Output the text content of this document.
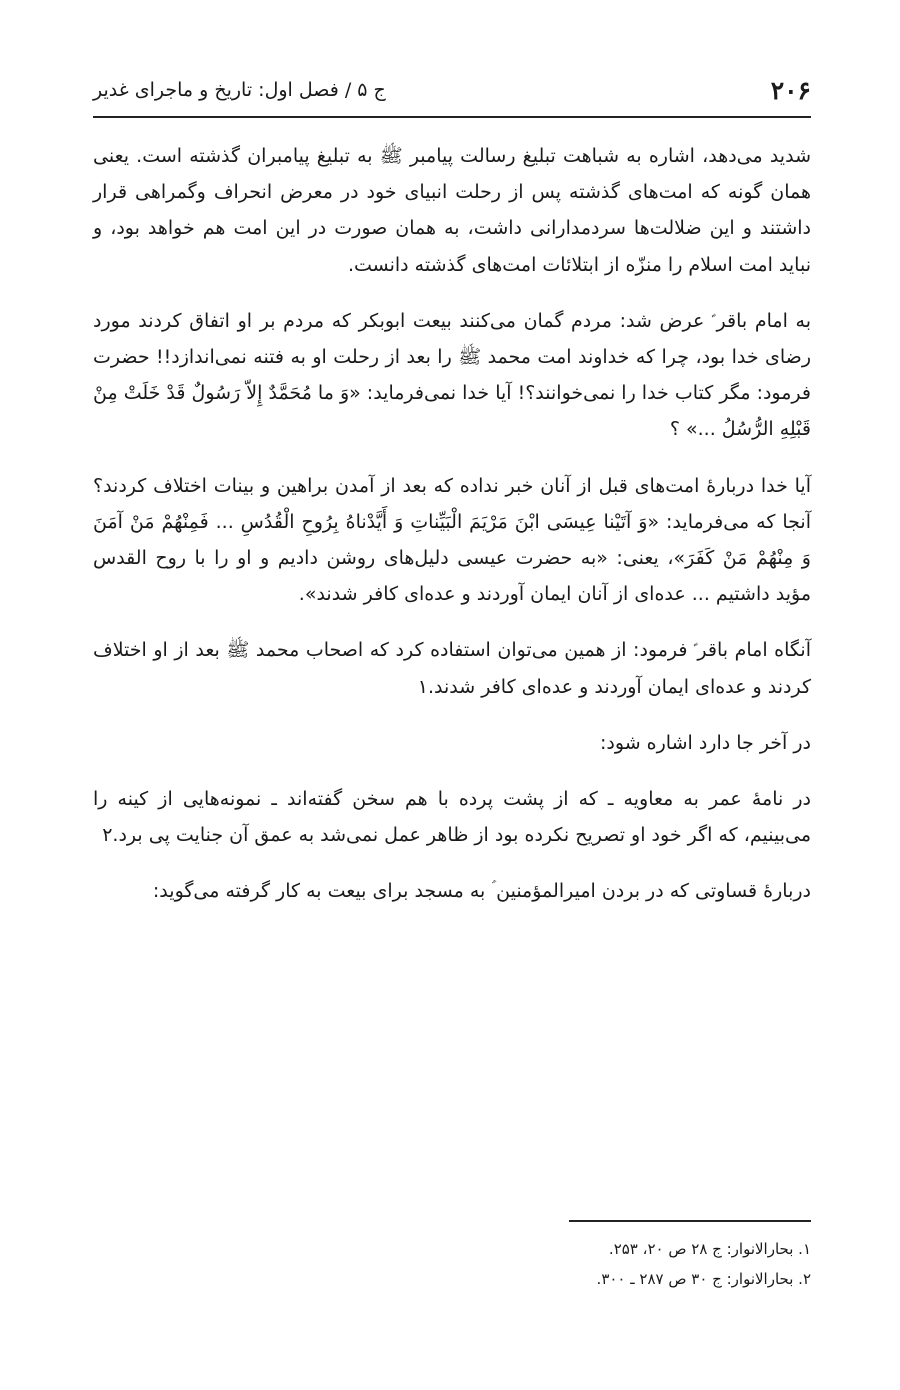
۲۰۶
ج ۵ / فصل اول: تاریخ و ماجرای غدیر

شدید می‌دهد، اشاره به شباهت تبلیغ رسالت پیامبر ﷺ به تبلیغ پیامبران گذشته است. یعنی همان گونه که امت‌های گذشته پس از رحلت انبیای خود در معرض انحراف وگمراهی قرار داشتند و این ضلالت‌ها سردمدارانی داشت، به همان صورت در این امت هم خواهد بود، و نباید امت اسلام را منزّه از ابتلائات امت‌های گذشته دانست.

به امام باقر ؑ عرض شد: مردم گمان می‌کنند بیعت ابوبکر که مردم بر او اتفاق کردند مورد رضای خدا بود، چرا که خداوند امت محمد ﷺ را بعد از رحلت او به فتنه نمی‌اندازد!! حضرت فرمود: مگر کتاب خدا را نمی‌خوانند؟! آیا خدا نمی‌فرماید: «وَ ما مُحَمَّدٌ إِلاّ رَسُولٌ قَدْ خَلَتْ مِنْ قَبْلِهِ الرُّسُلُ ...» ؟

آیا خدا دربارۀ امت‌های قبل از آنان خبر نداده که بعد از آمدن براهین و بینات اختلاف کردند؟ آنجا که می‌فرماید: «وَ آتَيْنا عِيسَى ابْنَ مَرْيَمَ الْبَيِّناتِ وَ أَيَّدْناهُ بِرُوحِ الْقُدُسِ ... فَمِنْهُمْ مَنْ آمَنَ وَ مِنْهُمْ مَنْ كَفَرَ»، یعنی: «به حضرت عیسی دلیل‌های روشن دادیم و او را با روح القدس مؤید داشتیم ... عده‌ای از آنان ایمان آوردند و عده‌ای کافر شدند».

آنگاه امام باقر ؑ فرمود: از همین می‌توان استفاده کرد که اصحاب محمد ﷺ بعد از او اختلاف کردند و عده‌ای ایمان آوردند و عده‌ای کافر شدند.۱

در آخر جا دارد اشاره شود:

در نامۀ عمر به معاویه ـ که از پشت پرده با هم سخن گفته‌اند ـ نمونه‌هایی از کینه را می‌بینیم، که اگر خود او تصریح نکرده بود از ظاهر عمل نمی‌شد به عمق آن جنایت پی برد.۲

دربارۀ قساوتی که در بردن امیرالمؤمنین ؑ به مسجد برای بیعت به کار گرفته می‌گوید:

۱. بحارالانوار: ج ۲۸ ص ۲۰، ۲۵۳.

۲. بحارالانوار: ج ۳۰ ص ۲۸۷ ـ ۳۰۰.
